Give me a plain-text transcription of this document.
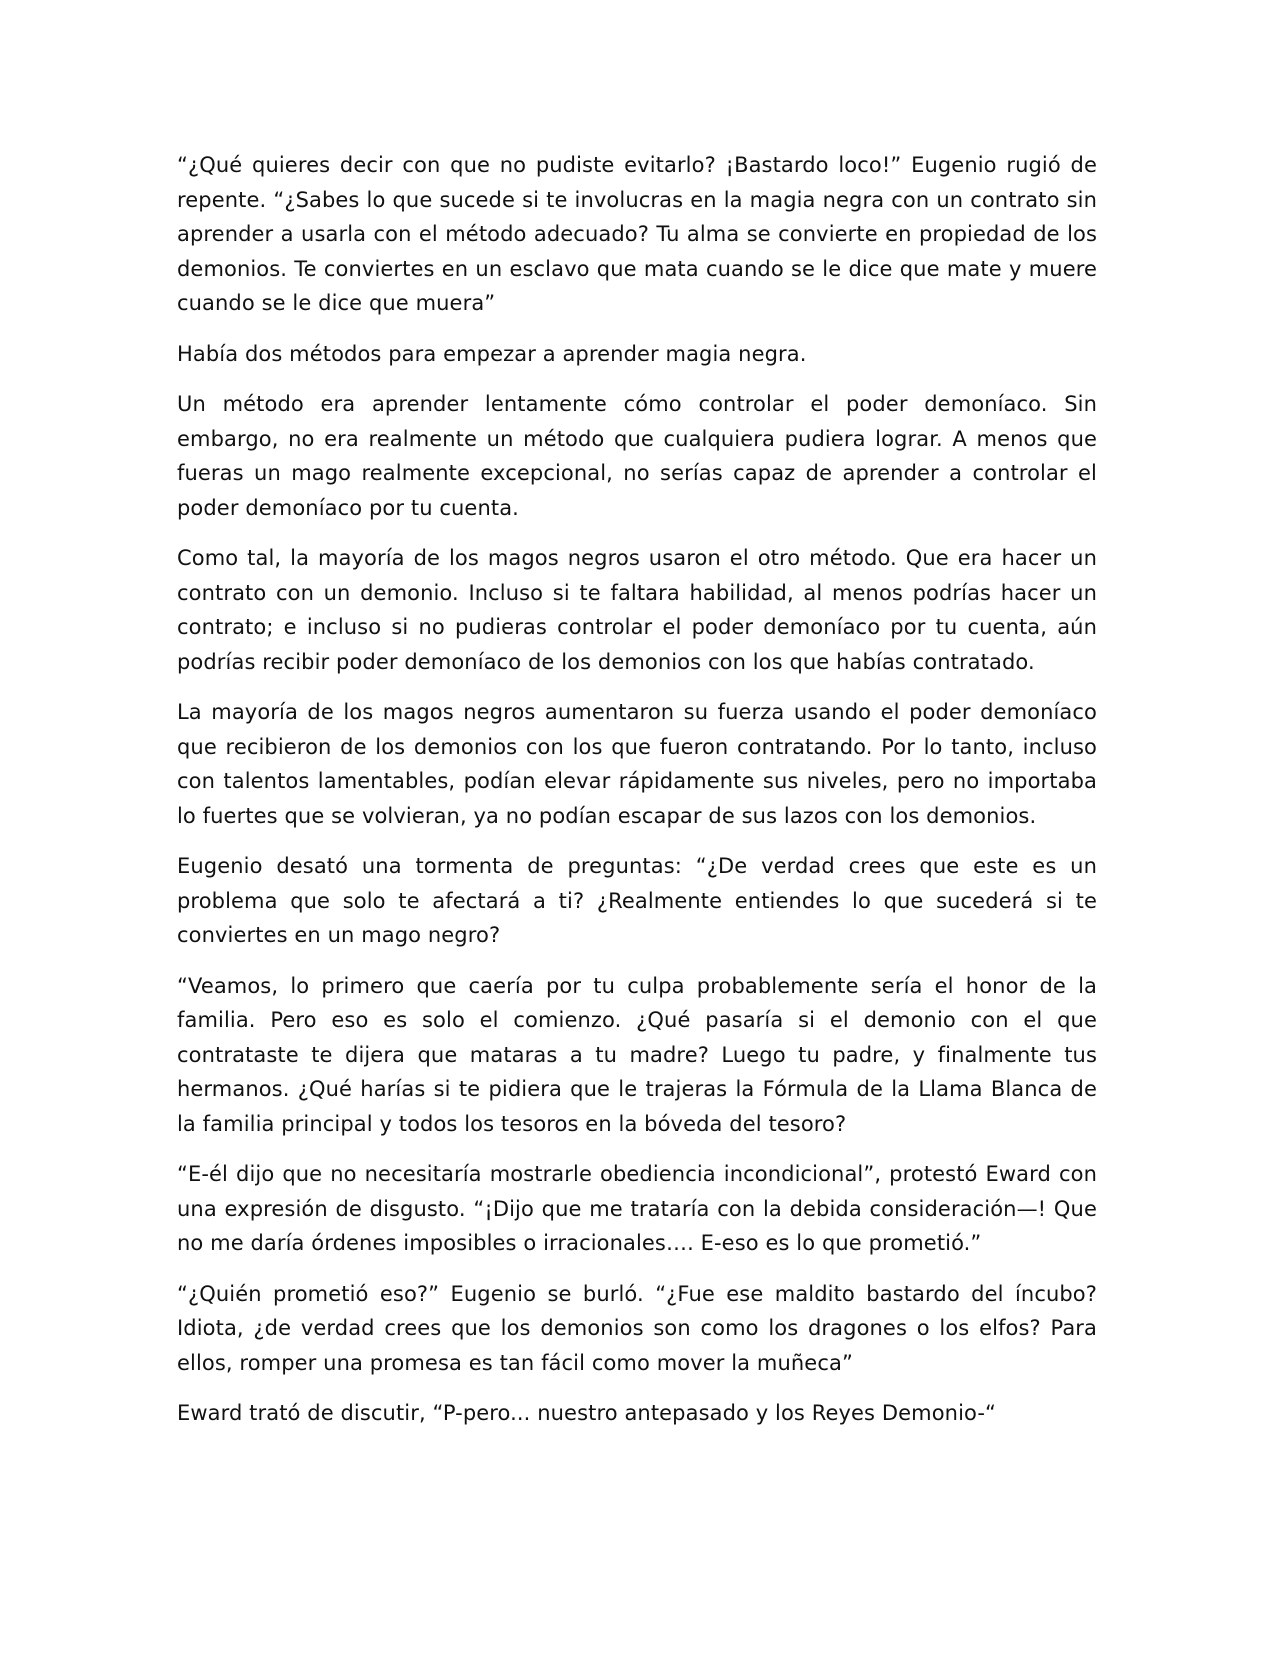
“¿Qué quieres decir con que no pudiste evitarlo? ¡Bastardo loco!” Eugenio rugió de repente. “¿Sabes lo que sucede si te involucras en la magia negra con un contrato sin aprender a usarla con el método adecuado? Tu alma se convierte en propiedad de los demonios. Te conviertes en un esclavo que mata cuando se le dice que mate y muere cuando se le dice que muera”

Había dos métodos para empezar a aprender magia negra.

Un método era aprender lentamente cómo controlar el poder demoníaco. Sin embargo, no era realmente un método que cualquiera pudiera lograr. A menos que fueras un mago realmente excepcional, no serías capaz de aprender a controlar el poder demoníaco por tu cuenta.

Como tal, la mayoría de los magos negros usaron el otro método. Que era hacer un contrato con un demonio. Incluso si te faltara habilidad, al menos podrías hacer un contrato; e incluso si no pudieras controlar el poder demoníaco por tu cuenta, aún podrías recibir poder demoníaco de los demonios con los que habías contratado.

La mayoría de los magos negros aumentaron su fuerza usando el poder demoníaco que recibieron de los demonios con los que fueron contratando. Por lo tanto, incluso con talentos lamentables, podían elevar rápidamente sus niveles, pero no importaba lo fuertes que se volvieran, ya no podían escapar de sus lazos con los demonios.

Eugenio desató una tormenta de preguntas: “¿De verdad crees que este es un problema que solo te afectará a ti? ¿Realmente entiendes lo que sucederá si te conviertes en un mago negro?

“Veamos, lo primero que caería por tu culpa probablemente sería el honor de la familia. Pero eso es solo el comienzo. ¿Qué pasaría si el demonio con el que contrataste te dijera que mataras a tu madre? Luego tu padre, y finalmente tus hermanos. ¿Qué harías si te pidiera que le trajeras la Fórmula de la Llama Blanca de la familia principal y todos los tesoros en la bóveda del tesoro?

“E-él dijo que no necesitaría mostrarle obediencia incondicional”, protestó Eward con una expresión de disgusto. “¡Dijo que me trataría con la debida consideración—! Que no me daría órdenes imposibles o irracionales…. E-eso es lo que prometió.”

“¿Quién prometió eso?” Eugenio se burló. “¿Fue ese maldito bastardo del íncubo? Idiota, ¿de verdad crees que los demonios son como los dragones o los elfos? Para ellos, romper una promesa es tan fácil como mover la muñeca”

Eward trató de discutir, “P-pero... nuestro antepasado y los Reyes Demonio-“
